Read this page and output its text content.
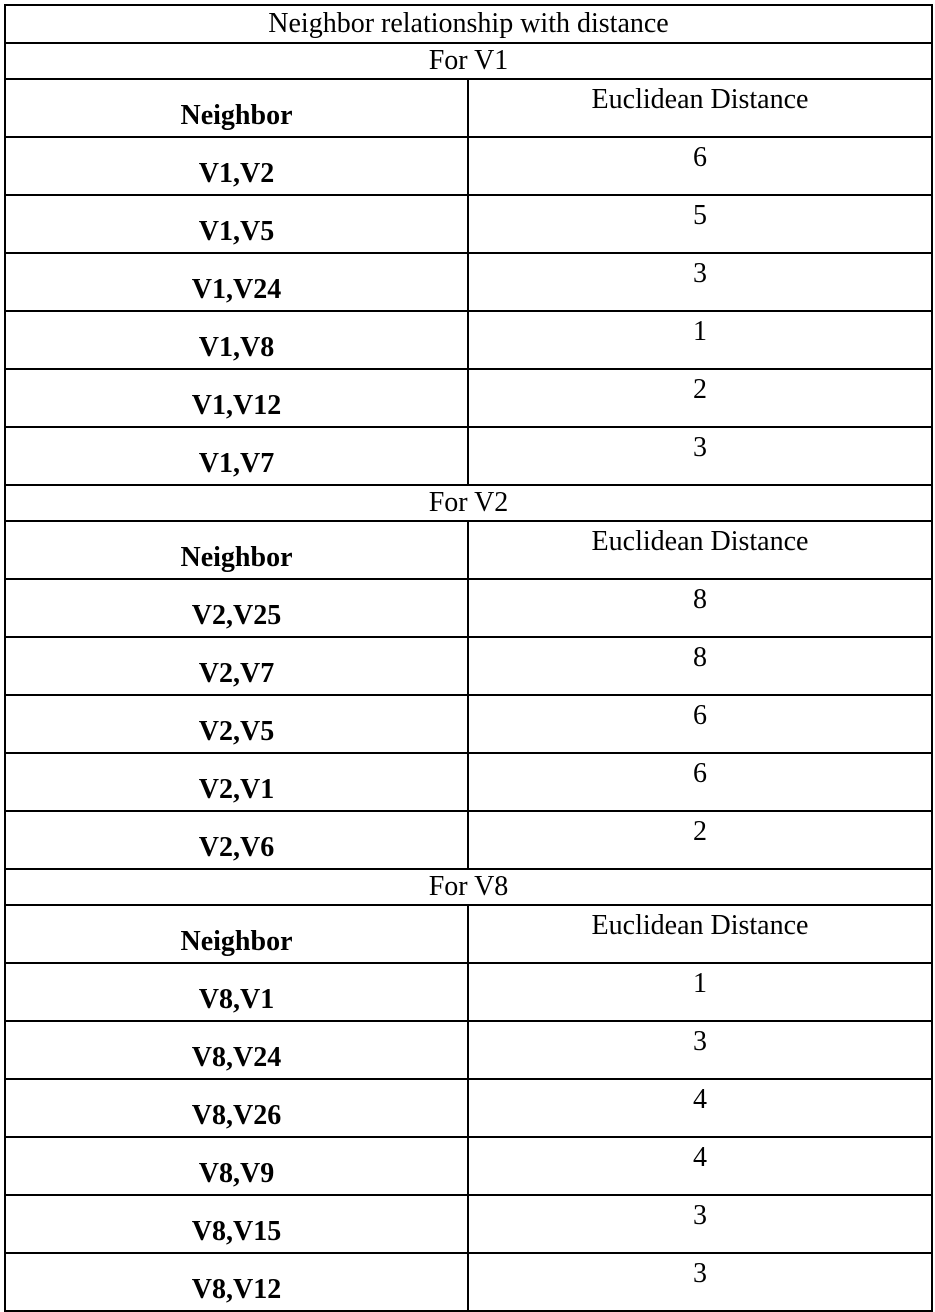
Neighbor relationship with distance	
For V1	
Neighbor	Euclidean Distance
V1,V2	6
V1,V5	5
V1,V24	3
V1,V8	1
V1,V12	2
V1,V7	3
For V2	
Neighbor	Euclidean Distance
V2,V25	8
V2,V7	8
V2,V5	6
V2,V1	6
V2,V6	2
For V8	
Neighbor	Euclidean Distance
V8,V1	1
V8,V24	3
V8,V26	4
V8,V9	4
V8,V15	3
V8,V12	3
